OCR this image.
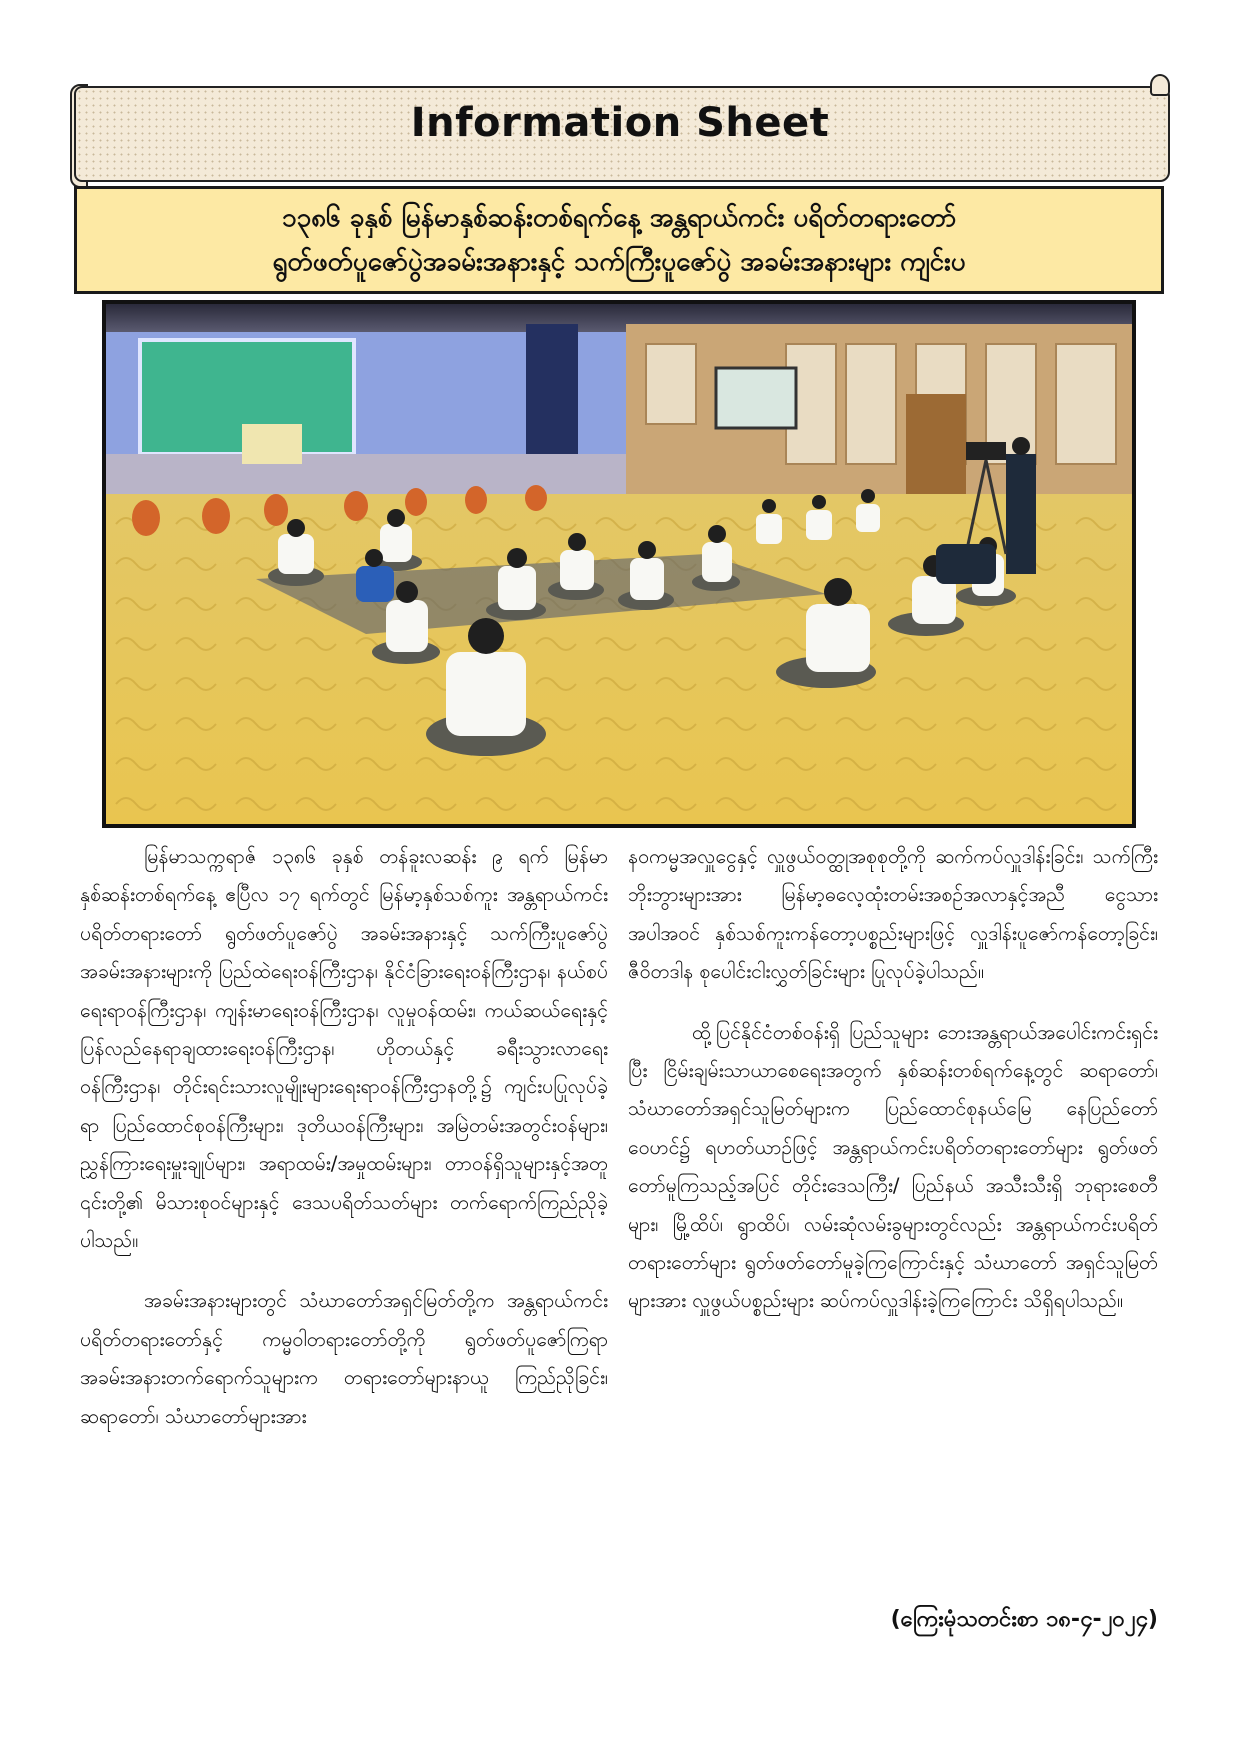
Information Sheet
၁၃၈၆ ခုနှစ် မြန်မာနှစ်ဆန်းတစ်ရက်နေ့ အန္တရာယ်ကင်း ပရိတ်တရားတော်
ရွတ်ဖတ်ပူဇော်ပွဲအခမ်းအနားနှင့် သက်ကြီးပူဇော်ပွဲ အခမ်းအနားများ ကျင်းပ

မြန်မာသက္ကရာဇ် ၁၃၈၆ ခုနှစ် တန်ခူးလဆန်း ၉ ရက် မြန်မာနှစ်ဆန်းတစ်ရက်နေ့ ဧပြီလ ၁၇ ရက်တွင် မြန်မာ့နှစ်သစ်ကူး အန္တရာယ်ကင်း ပရိတ်တရားတော် ရွတ်ဖတ်ပူဇော်ပွဲ အခမ်းအနားနှင့် သက်ကြီးပူဇော်ပွဲ အခမ်းအနားများကို ပြည်ထဲရေးဝန်ကြီးဌာန၊ နိုင်ငံခြားရေးဝန်ကြီးဌာန၊ နယ်စပ်ရေးရာဝန်ကြီးဌာန၊ ကျန်းမာရေးဝန်ကြီးဌာန၊ လူမှုဝန်ထမ်း၊ ကယ်ဆယ်ရေးနှင့် ပြန်လည်နေရာချထားရေးဝန်ကြီးဌာန၊ ဟိုတယ်နှင့် ခရီးသွားလာရေးဝန်ကြီးဌာန၊ တိုင်းရင်းသားလူမျိုးများရေးရာဝန်ကြီးဌာနတို့၌ ကျင်းပပြုလုပ်ခဲ့ရာ ပြည်ထောင်စုဝန်ကြီးများ၊ ဒုတိယဝန်ကြီးများ၊ အမြဲတမ်းအတွင်းဝန်များ၊ ညွှန်ကြားရေးမှူးချုပ်များ၊ အရာထမ်း/အမှုထမ်းများ၊ တာဝန်ရှိသူများနှင့်အတူ ၎င်းတို့၏ မိသားစုဝင်များနှင့် ဒေသပရိတ်သတ်များ တက်ရောက်ကြည်ညိုခဲ့ပါသည်။

အခမ်းအနားများတွင် သံဃာတော်အရှင်မြတ်တို့က အန္တရာယ်ကင်းပရိတ်တရားတော်နှင့် ကမ္မဝါတရားတော်တို့ကို ရွတ်ဖတ်ပူဇော်ကြရာ အခမ်းအနားတက်ရောက်သူများက တရားတော်များနာယူ ကြည်ညိုခြင်း၊ ဆရာတော်၊ သံဃာတော်များအား

နဝကမ္မအလှူငွေနှင့် လှူဖွယ်ဝတ္ထုအစုစုတို့ကို ဆက်ကပ်လှူဒါန်းခြင်း၊ သက်ကြီးဘိုးဘွားများအား မြန်မာ့ဓလေ့ထုံးတမ်းအစဉ်အလာနှင့်အညီ ငွေသားအပါအဝင် နှစ်သစ်ကူးကန်တော့ပစ္စည်းများဖြင့် လှူဒါန်းပူဇော်ကန်တော့ခြင်း၊ ဇီဝိတဒါန စုပေါင်းငါးလွှတ်ခြင်းများ ပြုလုပ်ခဲ့ပါသည်။

ထို့ပြင်နိုင်ငံတစ်ဝန်းရှိ ပြည်သူများ ဘေးအန္တရာယ်အပေါင်းကင်းရှင်းပြီး ငြိမ်းချမ်းသာယာစေရေးအတွက် နှစ်ဆန်းတစ်ရက်နေ့တွင် ဆရာတော်၊ သံဃာတော်အရှင်သူမြတ်များက ပြည်ထောင်စုနယ်မြေ နေပြည်တော်ဝေဟင်၌ ရဟတ်ယာဉ်ဖြင့် အန္တရာယ်ကင်းပရိတ်တရားတော်များ ရွတ်ဖတ်တော်မူကြသည့်အပြင် တိုင်းဒေသကြီး/ ပြည်နယ် အသီးသီးရှိ ဘုရားစေတီများ၊ မြို့ထိပ်၊ ရွာထိပ်၊ လမ်းဆုံလမ်းခွများတွင်လည်း အန္တရာယ်ကင်းပရိတ်တရားတော်များ ရွတ်ဖတ်တော်မူခဲ့ကြကြောင်းနှင့် သံဃာတော် အရှင်သူမြတ်များအား လှူဖွယ်ပစ္စည်းများ ဆပ်ကပ်လှူဒါန်းခဲ့ကြကြောင်း သိရှိရပါသည်။

(ကြေးမုံသတင်းစာ ၁၈-၄-၂၀၂၄)
